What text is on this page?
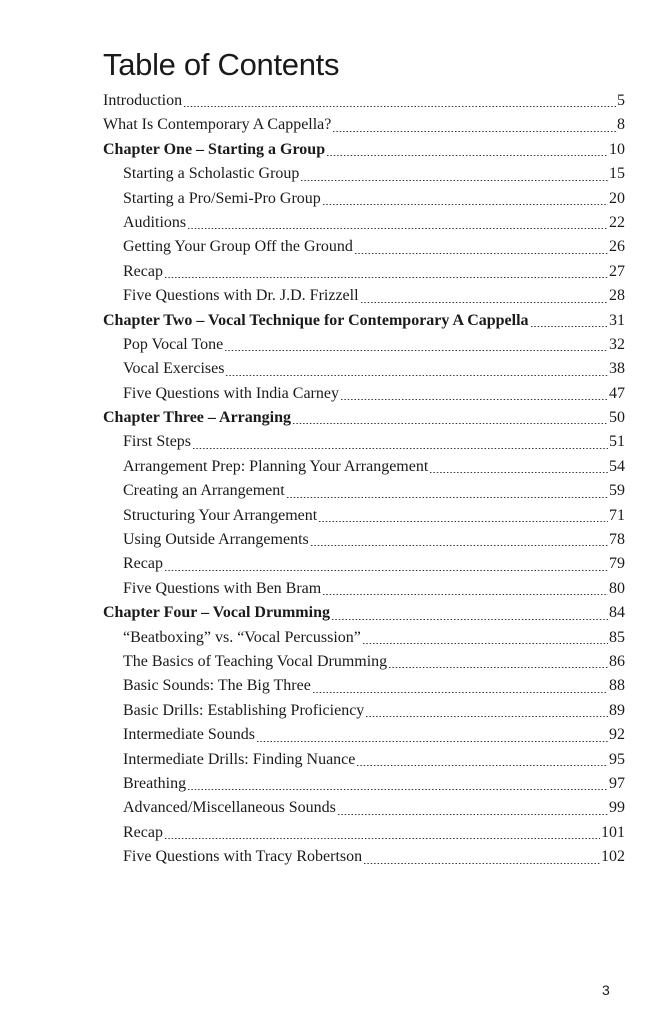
Table of Contents
Introduction	5
What Is Contemporary A Cappella?	8
Chapter One – Starting a Group	10
Starting a Scholastic Group	15
Starting a Pro/Semi-Pro Group	20
Auditions	22
Getting Your Group Off the Ground	26
Recap	27
Five Questions with Dr. J.D. Frizzell	28
Chapter Two – Vocal Technique for Contemporary A Cappella	31
Pop Vocal Tone	32
Vocal Exercises	38
Five Questions with India Carney	47
Chapter Three – Arranging	50
First Steps	51
Arrangement Prep: Planning Your Arrangement	54
Creating an Arrangement	59
Structuring Your Arrangement	71
Using Outside Arrangements	78
Recap	79
Five Questions with Ben Bram	80
Chapter Four – Vocal Drumming	84
“Beatboxing” vs. “Vocal Percussion”	85
The Basics of Teaching Vocal Drumming	86
Basic Sounds: The Big Three	88
Basic Drills: Establishing Proficiency	89
Intermediate Sounds	92
Intermediate Drills: Finding Nuance	95
Breathing	97
Advanced/Miscellaneous Sounds	99
Recap	101
Five Questions with Tracy Robertson	102
3
